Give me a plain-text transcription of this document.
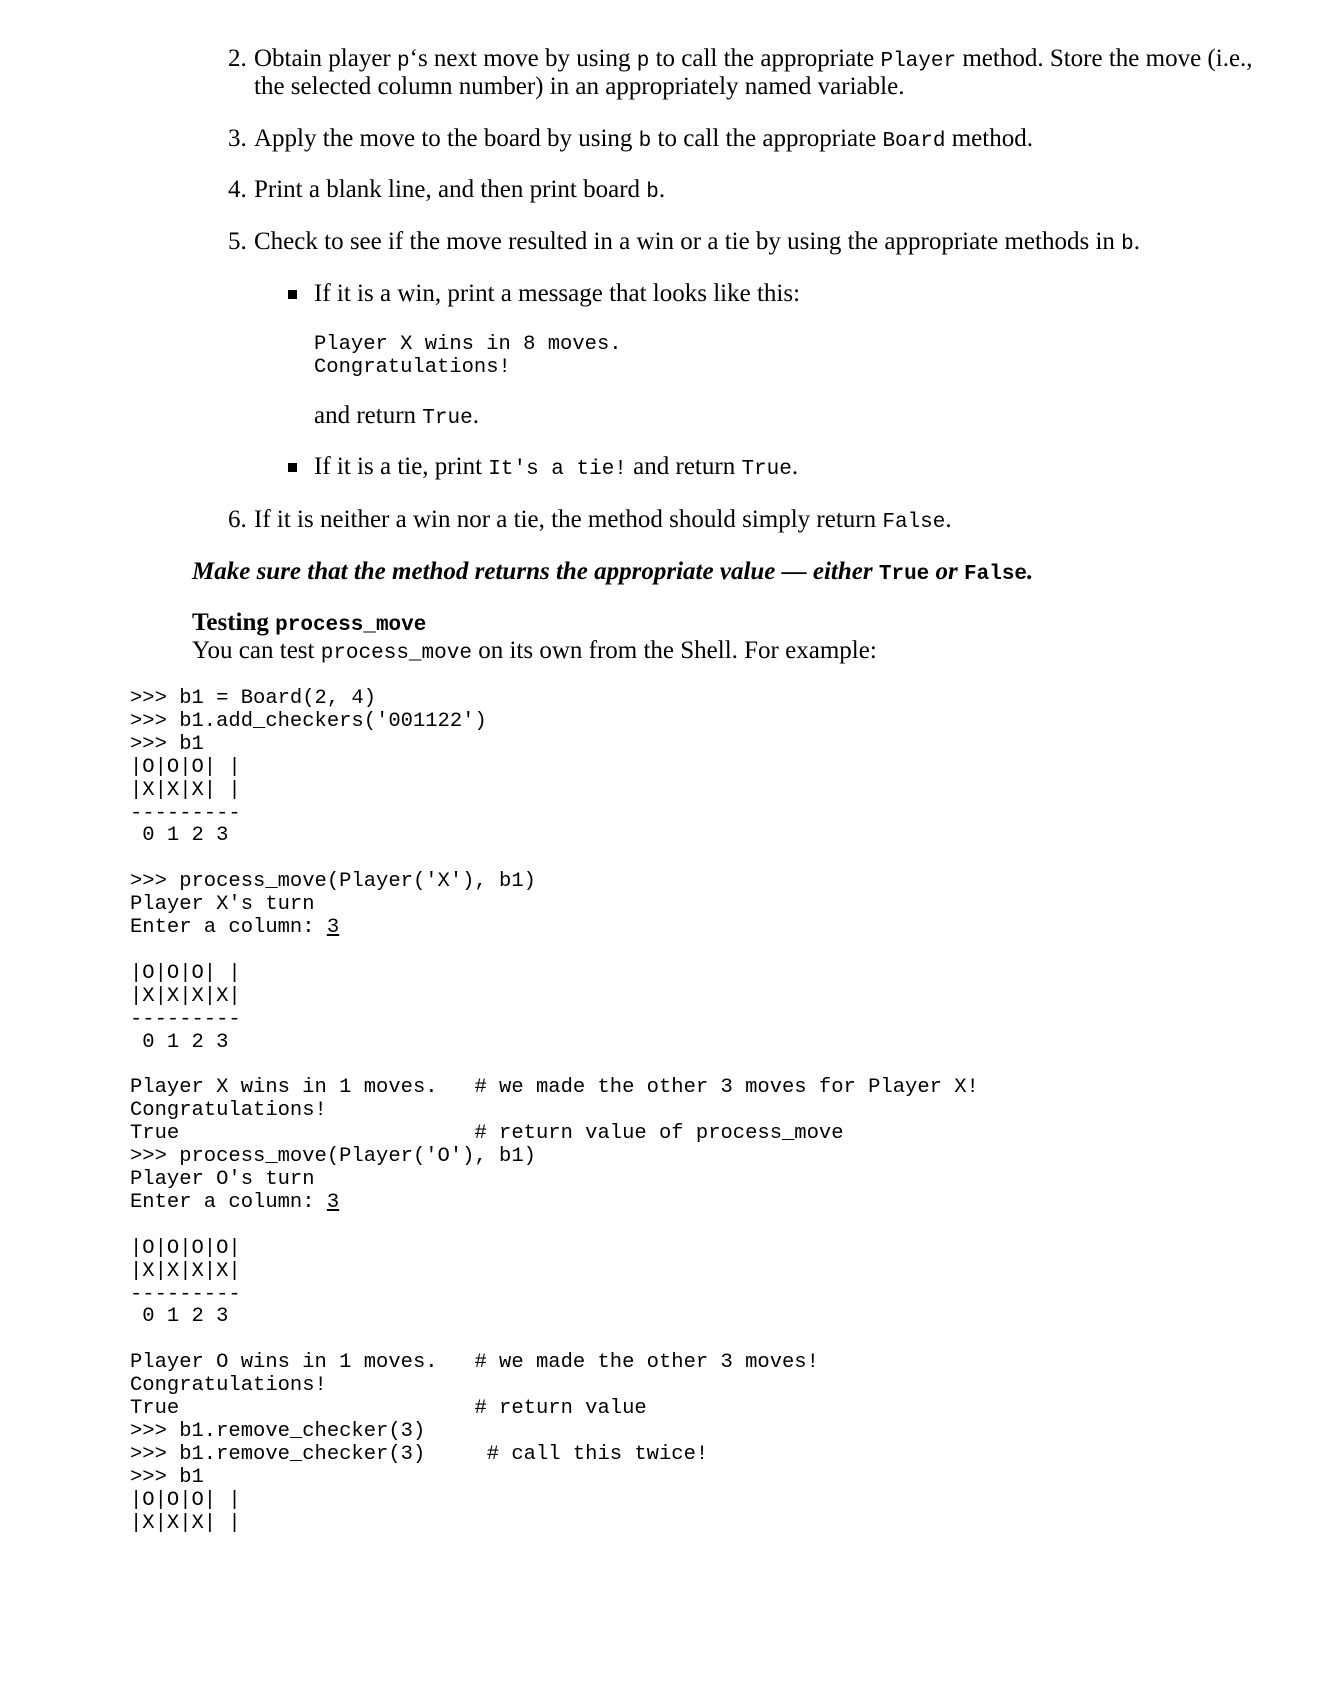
2. Obtain player p‘s next move by using p to call the appropriate Player method. Store the move (i.e.,
the selected column number) in an appropriately named variable.
3. Apply the move to the board by using b to call the appropriate Board method.
4. Print a blank line, and then print board b.
5. Check to see if the move resulted in a win or a tie by using the appropriate methods in b.
If it is a win, print a message that looks like this:
Player X wins in 8 moves.
Congratulations!
and return True.
If it is a tie, print It's a tie! and return True.
6. If it is neither a win nor a tie, the method should simply return False.
Make sure that the method returns the appropriate value — either True or False.
Testing process_move
You can test process_move on its own from the Shell. For example:
>>> b1 = Board(2, 4)
>>> b1.add_checkers('001122')
>>> b1
|O|O|O| |
|X|X|X| |
---------
0 1 2 3

>>> process_move(Player('X'), b1)
Player X's turn
Enter a column: 3

|O|O|O| |
|X|X|X|X|
---------
0 1 2 3

Player X wins in 1 moves.   # we made the other 3 moves for Player X!
Congratulations!
True                        # return value of process_move
>>> process_move(Player('O'), b1)
Player O's turn
Enter a column: 3

|O|O|O|O|
|X|X|X|X|
---------
0 1 2 3

Player O wins in 1 moves.   # we made the other 3 moves!
Congratulations!
True                        # return value
>>> b1.remove_checker(3)
>>> b1.remove_checker(3)     # call this twice!
>>> b1
|O|O|O| |
|X|X|X| |
